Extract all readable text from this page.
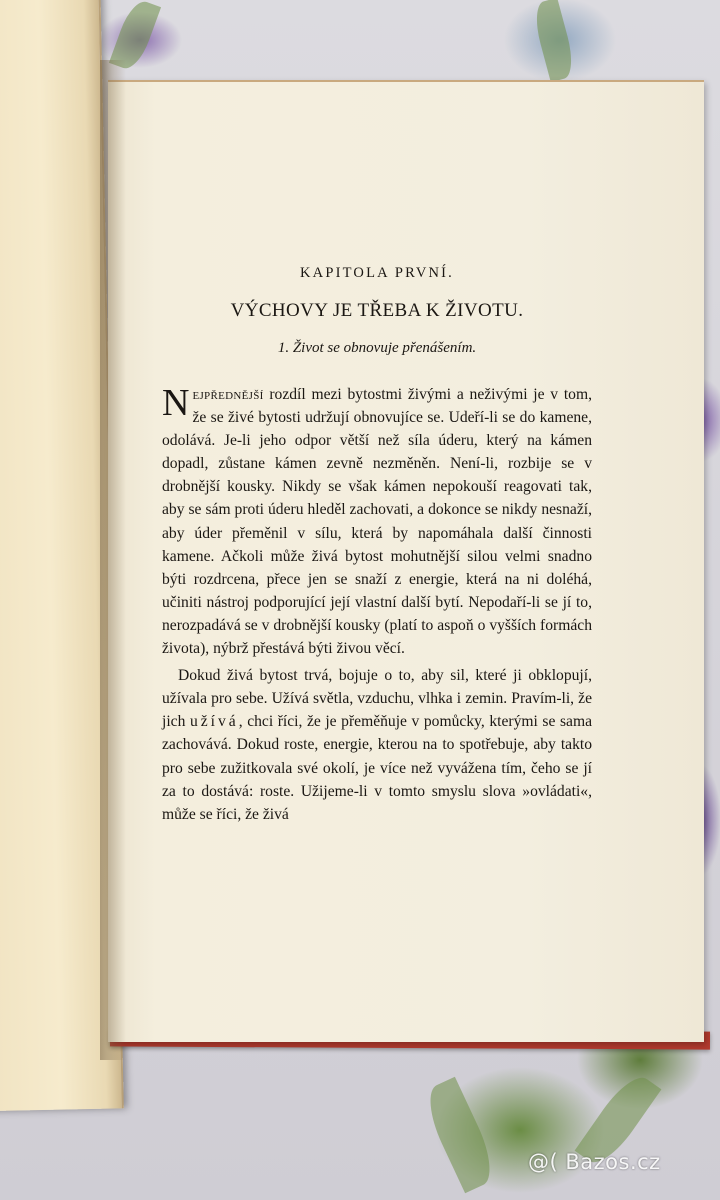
KAPITOLA PRVNÍ.
VÝCHOVY JE TŘEBA K ŽIVOTU.
1. Život se obnovuje přenášením.

Nejpřednější rozdíl mezi bytostmi živými a neživými je v tom, že se živé bytosti udržují obnovujíce se. Udeří-li se do kamene, odolává. Je-li jeho odpor větší než síla úderu, který na kámen dopadl, zůstane kámen zevně nezměněn. Není-li, rozbije se v drobnější kousky. Nikdy se však kámen nepokouší reagovati tak, aby se sám proti úderu hleděl zachovati, a dokonce se nikdy nesnaží, aby úder přeměnil v sílu, která by napomáhala další činnosti kamene. Ačkoli může živá bytost mohutnější silou velmi snadno býti rozdrcena, přece jen se snaží z energie, která na ni doléhá, učiniti nástroj podporující její vlastní další bytí. Nepodaří-li se jí to, nerozpadává se v drobnější kousky (platí to aspoň o vyšších formách života), nýbrž přestává býti živou věcí.

Dokud živá bytost trvá, bojuje o to, aby sil, které ji obklopují, užívala pro sebe. Užívá světla, vzduchu, vlhka i zemin. Pravím-li, že jich užívá, chci říci, že je přeměňuje v pomůcky, kterými se sama zachovává. Dokud roste, energie, kterou na to spotřebuje, aby takto pro sebe zužitkovala své okolí, je více než vyvážena tím, čeho se jí za to dostává: roste. Užijeme-li v tomto smyslu slova »ovládati«, může se říci, že živá

@( Bazos.cz
